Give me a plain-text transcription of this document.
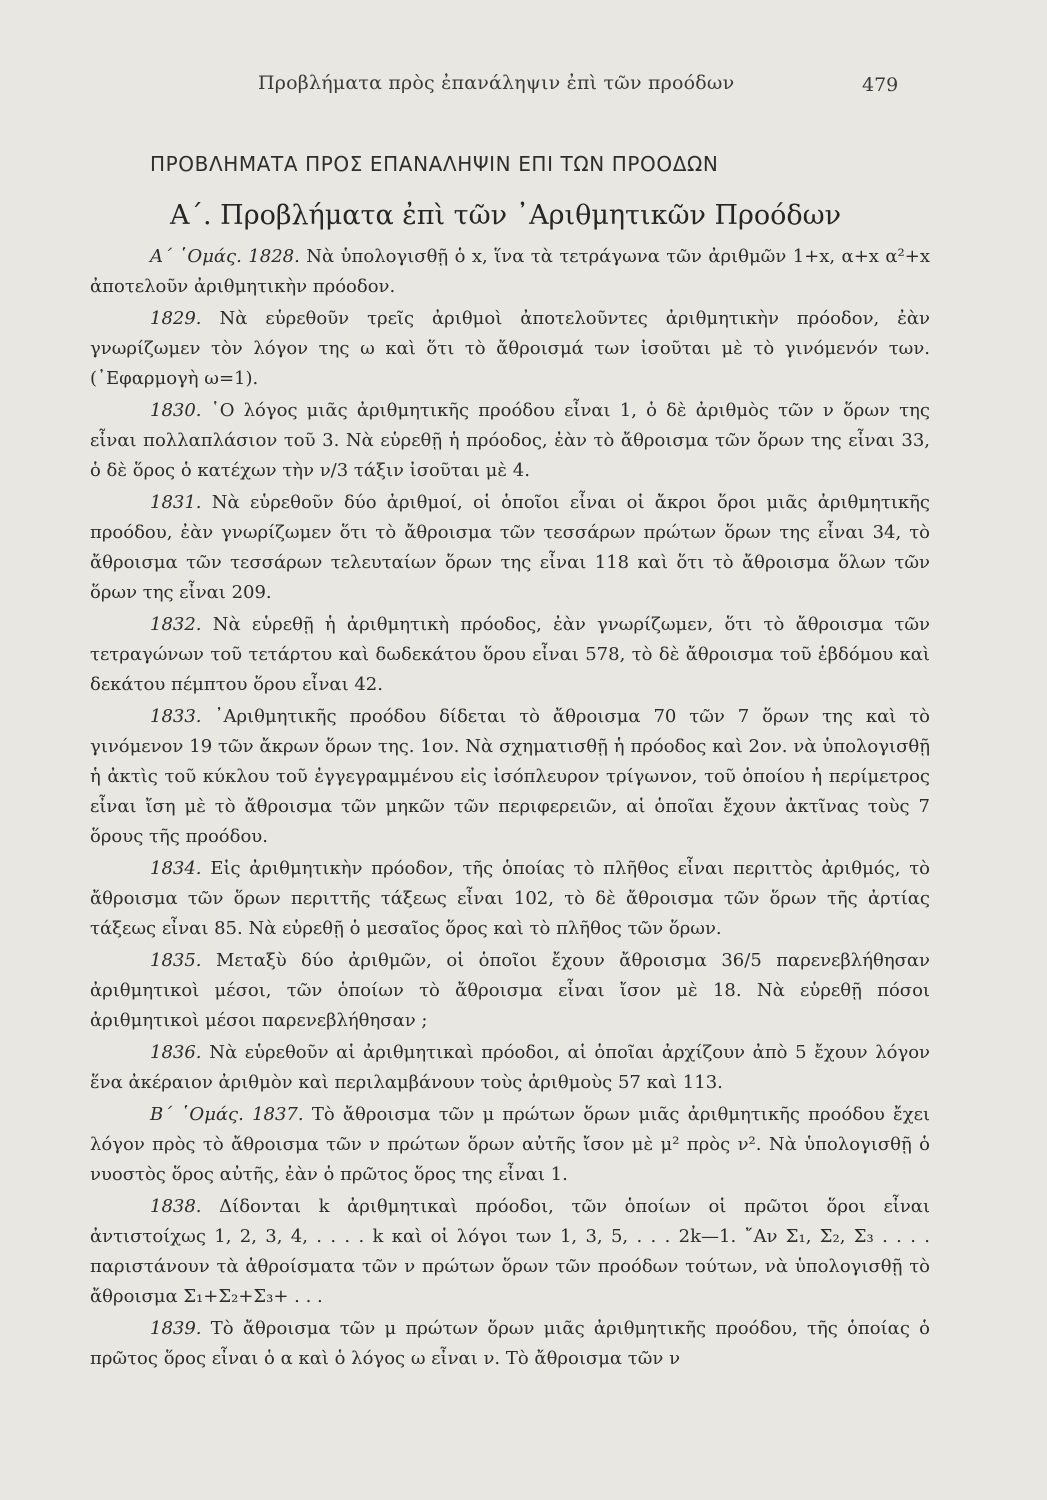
Προβλήματα πρὸς ἐπανάληψιν ἐπὶ τῶν προόδων	479
ΠΡΟΒΛΗΜΑΤΑ ΠΡΟΣ ΕΠΑΝΑΛΗΨΙΝ ΕΠΙ ΤΩΝ ΠΡΟΟΔΩΝ
Α΄. Προβλήματα ἐπὶ τῶν ᾿Αριθμητικῶν Προόδων

Α΄ ῾Ομάς. 1828. Νὰ ὑπολογισθῇ ὁ x, ἵνα τὰ τετράγωνα τῶν ἀριθμῶν 1+x, α+x α²+x ἀποτελοῦν ἀριθμητικὴν πρόοδον.

1829. Νὰ εὑρεθοῦν τρεῖς ἀριθμοὶ ἀποτελοῦντες ἀριθμητικὴν πρόοδον, ἐὰν γνωρίζωμεν τὸν λόγον της ω καὶ ὅτι τὸ ἄθροισμά των ἰσοῦται μὲ τὸ γινόμενόν των. (᾿Εφαρμογὴ ω=1).

1830. ῾Ο λόγος μιᾶς ἀριθμητικῆς προόδου εἶναι 1, ὁ δὲ ἀριθμὸς τῶν ν ὅρων της εἶναι πολλαπλάσιον τοῦ 3. Νὰ εὑρεθῇ ἡ πρόοδος, ἐὰν τὸ ἄθροισμα τῶν ὅρων της εἶναι 33, ὁ δὲ ὅρος ὁ κατέχων τὴν ν/3 τάξιν ἰσοῦται μὲ 4.

1831. Νὰ εὑρεθοῦν δύο ἀριθμοί, οἱ ὁποῖοι εἶναι οἱ ἄκροι ὅροι μιᾶς ἀριθμητικῆς προόδου, ἐὰν γνωρίζωμεν ὅτι τὸ ἄθροισμα τῶν τεσσάρων πρώτων ὅρων της εἶναι 34, τὸ ἄθροισμα τῶν τεσσάρων τελευταίων ὅρων της εἶναι 118 καὶ ὅτι τὸ ἄθροισμα ὅλων τῶν ὅρων της εἶναι 209.

1832. Νὰ εὑρεθῇ ἡ ἀριθμητικὴ πρόοδος, ἐὰν γνωρίζωμεν, ὅτι τὸ ἄθροισμα τῶν τετραγώνων τοῦ τετάρτου καὶ δωδεκάτου ὅρου εἶναι 578, τὸ δὲ ἄθροισμα τοῦ ἑβδόμου καὶ δεκάτου πέμπτου ὅρου εἶναι 42.

1833. ᾿Αριθμητικῆς προόδου δίδεται τὸ ἄθροισμα 70 τῶν 7 ὅρων της καὶ τὸ γινόμενον 19 τῶν ἄκρων ὅρων της. 1ον. Νὰ σχηματισθῇ ἡ πρόοδος καὶ 2ον. νὰ ὑπολογισθῇ ἡ ἀκτὶς τοῦ κύκλου τοῦ ἐγγεγραμμένου εἰς ἰσόπλευρον τρίγωνον, τοῦ ὁποίου ἡ περίμετρος εἶναι ἴση μὲ τὸ ἄθροισμα τῶν μηκῶν τῶν περιφερειῶν, αἱ ὁποῖαι ἔχουν ἀκτῖνας τοὺς 7 ὅρους τῆς προόδου.

1834. Εἰς ἀριθμητικὴν πρόοδον, τῆς ὁποίας τὸ πλῆθος εἶναι περιττὸς ἀριθμός, τὸ ἄθροισμα τῶν ὅρων περιττῆς τάξεως εἶναι 102, τὸ δὲ ἄθροισμα τῶν ὅρων τῆς ἀρτίας τάξεως εἶναι 85. Νὰ εὑρεθῇ ὁ μεσαῖος ὅρος καὶ τὸ πλῆθος τῶν ὅρων.

1835. Μεταξὺ δύο ἀριθμῶν, οἱ ὁποῖοι ἔχουν ἄθροισμα 36/5 παρενεβλήθησαν ἀριθμητικοὶ μέσοι, τῶν ὁποίων τὸ ἄθροισμα εἶναι ἴσον μὲ 18. Νὰ εὑρεθῇ πόσοι ἀριθμητικοὶ μέσοι παρενεβλήθησαν ;

1836. Νὰ εὑρεθοῦν αἱ ἀριθμητικαὶ πρόοδοι, αἱ ὁποῖαι ἀρχίζουν ἀπὸ 5 ἔχουν λόγον ἕνα ἀκέραιον ἀριθμὸν καὶ περιλαμβάνουν τοὺς ἀριθμοὺς 57 καὶ 113.

Β΄ ῾Ομάς. 1837. Τὸ ἄθροισμα τῶν μ πρώτων ὅρων μιᾶς ἀριθμητικῆς προόδου ἔχει λόγον πρὸς τὸ ἄθροισμα τῶν ν πρώτων ὅρων αὐτῆς ἴσον μὲ μ² πρὸς ν². Νὰ ὑπολογισθῇ ὁ νυοστὸς ὅρος αὐτῆς, ἐὰν ὁ πρῶτος ὅρος της εἶναι 1.

1838. Δίδονται k ἀριθμητικαὶ πρόοδοι, τῶν ὁποίων οἱ πρῶτοι ὅροι εἶναι ἀντιστοίχως 1, 2, 3, 4, . . . . k καὶ οἱ λόγοι των 1, 3, 5, . . . 2k—1. ῎Αν Σ₁, Σ₂, Σ₃ . . . . παριστάνουν τὰ ἀθροίσματα τῶν ν πρώτων ὅρων τῶν προόδων τούτων, νὰ ὑπολογισθῇ τὸ ἄθροισμα Σ₁+Σ₂+Σ₃+ . . .

1839. Τὸ ἄθροισμα τῶν μ πρώτων ὅρων μιᾶς ἀριθμητικῆς προόδου, τῆς ὁποίας ὁ πρῶτος ὅρος εἶναι ὁ α καὶ ὁ λόγος ω εἶναι ν. Τὸ ἄθροισμα τῶν ν
